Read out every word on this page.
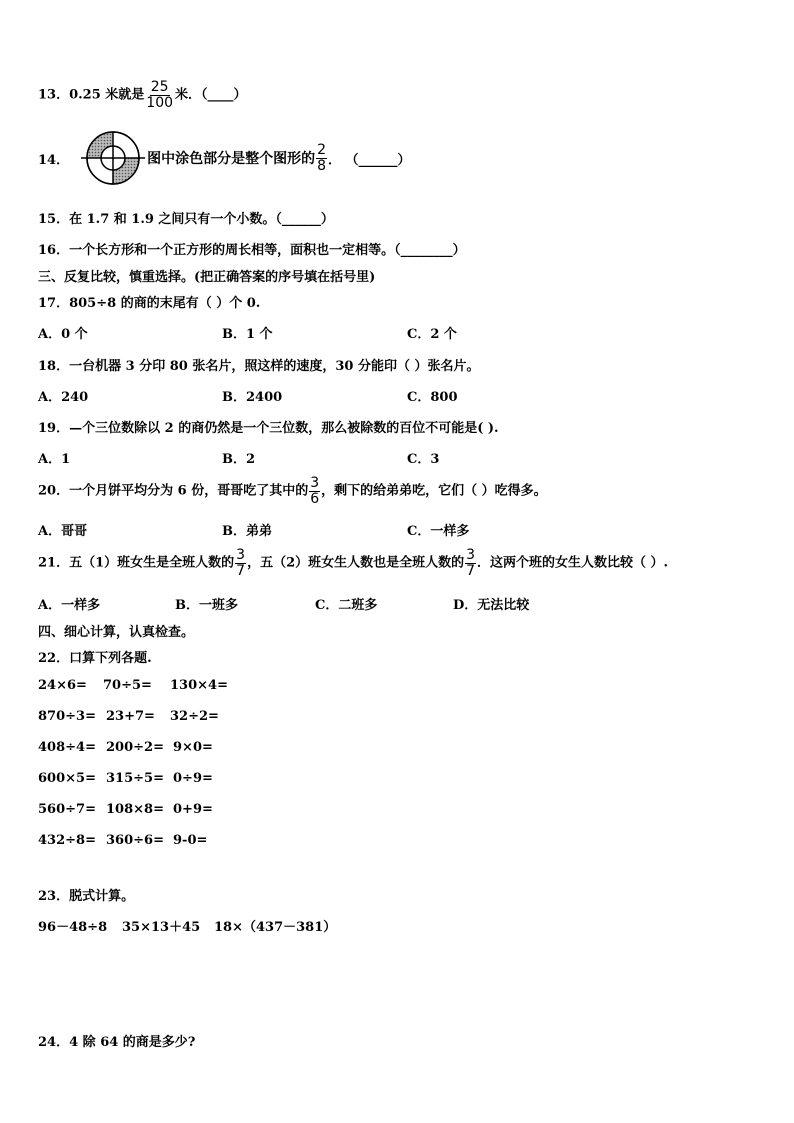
13．0.25 米就是 $\frac{25}{100}$ 米．（____）
14．	图中涂色部分是整个图形的 $\frac{2}{8}$ ． （______）
15．在 1.7 和 1.9 之间只有一个小数。（______）
16．一个长方形和一个正方形的周长相等，面积也一定相等。（________）
三、反复比较，慎重选择。(把正确答案的序号填在括号里)
17．805÷8 的商的末尾有（ ）个 0.
A．0 个	B．1 个	C．2 个
18．一台机器 3 分印 80 张名片，照这样的速度，30 分能印（ ）张名片。
A．240	B．2400	C．800
19．—个三位数除以 2 的商仍然是一个三位数，那么被除数的百位不可能是( ).
A．1	B．2	C．3
20．一个月饼平均分为 6 份，哥哥吃了其中的 $\frac{3}{6}$ ，剩下的给弟弟吃，它们（ ）吃得多。
A．哥哥	B．弟弟	C．一样多
21．五（1）班女生是全班人数的 $\frac{3}{7}$ ，五（2）班女生人数也是全班人数的 $\frac{3}{7}$ ．这两个班的女生人数比较（ ）.
A．一样多	B．一班多	C．二班多	D．无法比较
四、细心计算，认真检查。
22．口算下列各题.
24×6= 70÷5= 130×4=
870÷3= 23+7= 32÷2=
408÷4= 200÷2= 9×0=
600×5= 315÷5= 0÷9=
560÷7= 108×8= 0+9=
432÷8= 360÷6= 9-0=
23．脱式计算。
96－48÷8 35×13＋45 18×（437－381）
24．4 除 64 的商是多少?
